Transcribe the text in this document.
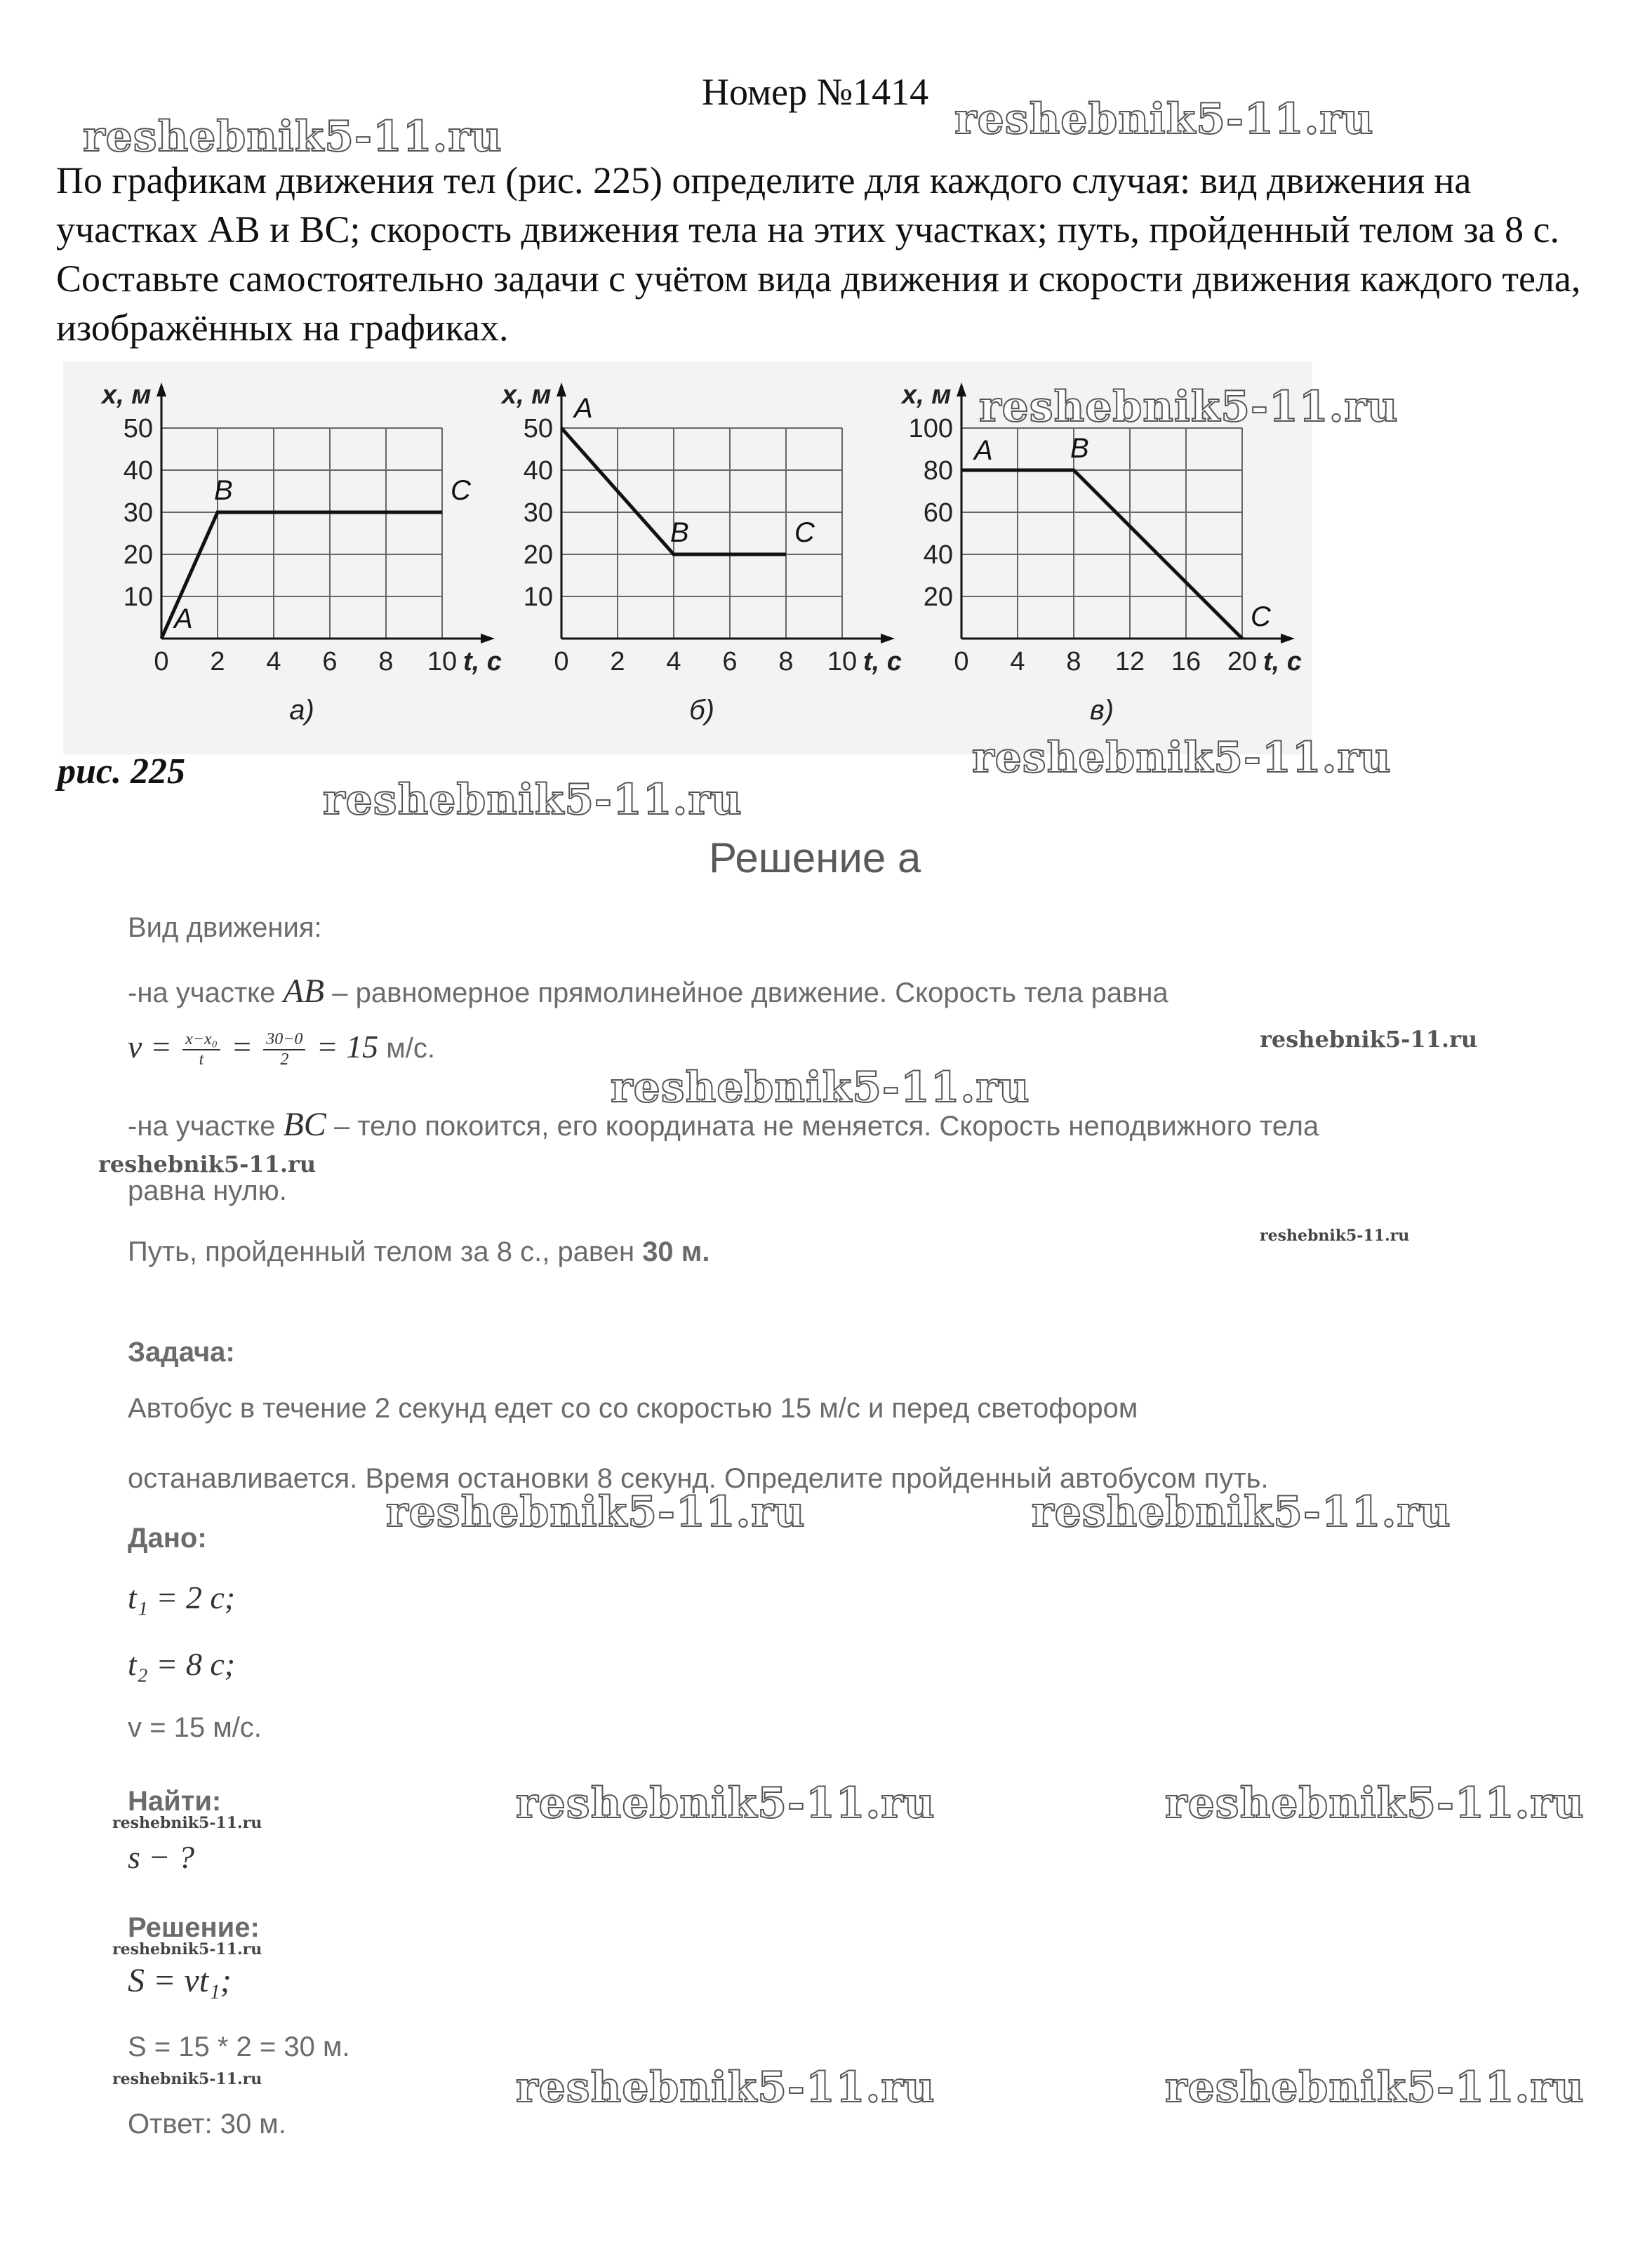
Номер №1414
По графикам движения тел (рис. 225) определите для каждого случая: вид движения на участках АВ и ВС; скорость движения тела на этих участках; путь, пройденный телом за 8 с. Составьте самостоятельно задачи с учётом вида движения и скорости движения каждого тела, изображённых на графиках.
0 2 4 6 8 10
10
20
30
40
50
x, м
t, с
A
B	C
а)
0 2 4 6 8 10
10
20
30
40
50
x, м
t, с
A
B	C
б)
0 4 8 12 16 20
20
40
60
80
100
x, м
t, с
A	B
C
в)
рис. 225
Решение а
Вид движения:
-на участке AB – равномерное прямолинейное движение. Скорость тела равна
$v = \frac{\text{x−x₀}}{t} = \frac{30-0}{2} = 15$ м/с.
-на участке BC – тело покоится, его координата не меняется. Скорость неподвижного тела
равна нулю.
Путь, пройденный телом за 8 с., равен 30 м.
Задача:
Автобус в течение 2 секунд едет со со скоростью 15 м/с и перед светофором
останавливается. Время остановки 8 секунд. Определите пройденный автобусом путь.
Дано:
t₁ = 2 c;
t₂ = 8 c;
v = 15 м/с.
Найти:
s − ?
Решение:
S = vt₁;
S = 15 * 2 = 30 м.
Ответ: 30 м.
reshebnik5-11.ru	reshebnik5-11.ru
reshebnik5-11.ru
reshebnik5-11.ru
reshebnik5-11.ru
reshebnik5-11.ru
reshebnik5-11.ru
reshebnik5-11.ru
reshebnik5-11.ru
reshebnik5-11.ru	reshebnik5-11.ru
reshebnik5-11.ru	reshebnik5-11.ru
reshebnik5-11.ru
reshebnik5-11.ru
reshebnik5-11.ru	reshebnik5-11.ru	reshebnik5-11.ru
